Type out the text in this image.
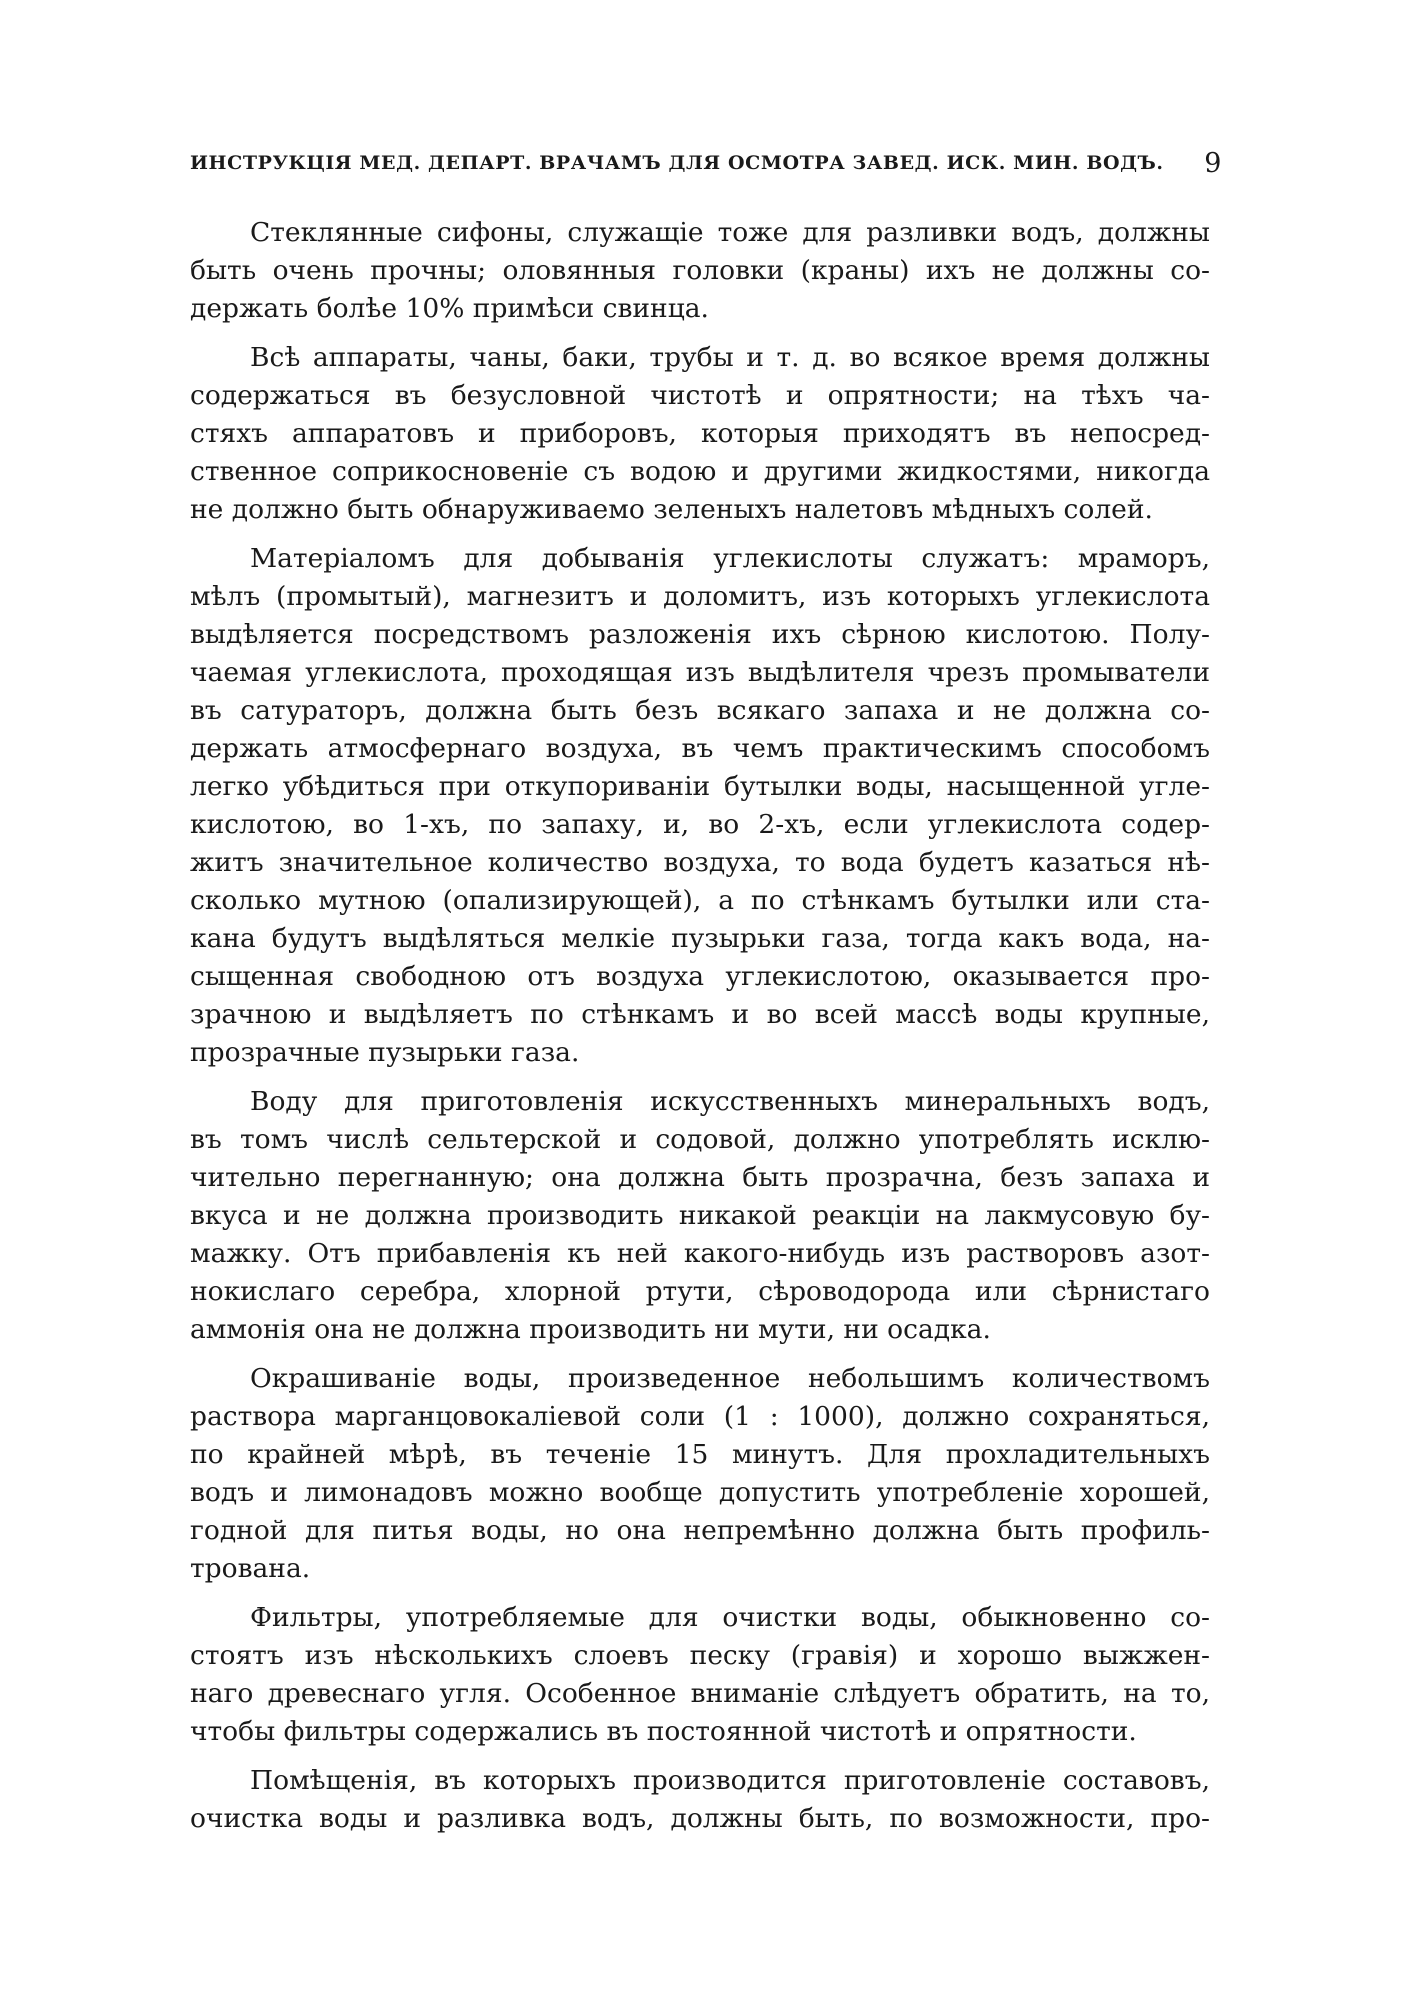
ИНСТРУКЦІЯ МЕД. ДЕПАРТ. ВРАЧАМЪ ДЛЯ ОСМОТРА ЗАВЕД. ИСК. МИН. ВОДЪ. 9
Стеклянные сифоны, служащіе тоже для разливки водъ, должны
быть очень прочны; оловянныя головки (краны) ихъ не должны со-
держать болѣе 10% примѣси свинца.
Всѣ аппараты, чаны, баки, трубы и т. д. во всякое время должны
содержаться въ безусловной чистотѣ и опрятности; на тѣхъ ча-
стяхъ аппаратовъ и приборовъ, которыя приходятъ въ непосред-
ственное соприкосновеніе съ водою и другими жидкостями, никогда
не должно быть обнаруживаемо зеленыхъ налетовъ мѣдныхъ солей.
Матеріаломъ для добыванія углекислоты служатъ: мраморъ,
мѣлъ (промытый), магнезитъ и доломитъ, изъ которыхъ углекислота
выдѣляется посредствомъ разложенія ихъ сѣрною кислотою. Полу-
чаемая углекислота, проходящая изъ выдѣлителя чрезъ промыватели
въ сатураторъ, должна быть безъ всякаго запаха и не должна со-
держать атмосфернаго воздуха, въ чемъ практическимъ способомъ
легко убѣдиться при откупориваніи бутылки воды, насыщенной угле-
кислотою, во 1-хъ, по запаху, и, во 2-хъ, если углекислота содер-
житъ значительное количество воздуха, то вода будетъ казаться нѣ-
сколько мутною (опализирующей), а по стѣнкамъ бутылки или ста-
кана будутъ выдѣляться мелкіе пузырьки газа, тогда какъ вода, на-
сыщенная свободною отъ воздуха углекислотою, оказывается про-
зрачною и выдѣляетъ по стѣнкамъ и во всей массѣ воды крупные,
прозрачные пузырьки газа.
Воду для приготовленія искусственныхъ минеральныхъ водъ,
въ томъ числѣ сельтерской и содовой, должно употреблять исклю-
чительно перегнанную; она должна быть прозрачна, безъ запаха и
вкуса и не должна производить никакой реакціи на лакмусовую бу-
мажку. Отъ прибавленія къ ней какого-нибудь изъ растворовъ азот-
нокислаго серебра, хлорной ртути, сѣроводорода или сѣрнистаго
аммонія она не должна производить ни мути, ни осадка.
Окрашиваніе воды, произведенное небольшимъ количествомъ
раствора марганцовокаліевой соли (1 : 1000), должно сохраняться,
по крайней мѣрѣ, въ теченіе 15 минутъ. Для прохладительныхъ
водъ и лимонадовъ можно вообще допустить употребленіе хорошей,
годной для питья воды, но она непремѣнно должна быть профиль-
трована.
Фильтры, употребляемые для очистки воды, обыкновенно со-
стоятъ изъ нѣсколькихъ слоевъ песку (гравія) и хорошо выжжен-
наго древеснаго угля. Особенное вниманіе слѣдуетъ обратить, на то,
чтобы фильтры содержались въ постоянной чистотѣ и опрятности.
Помѣщенія, въ которыхъ производится приготовленіе составовъ,
очистка воды и разливка водъ, должны быть, по возможности, про-
